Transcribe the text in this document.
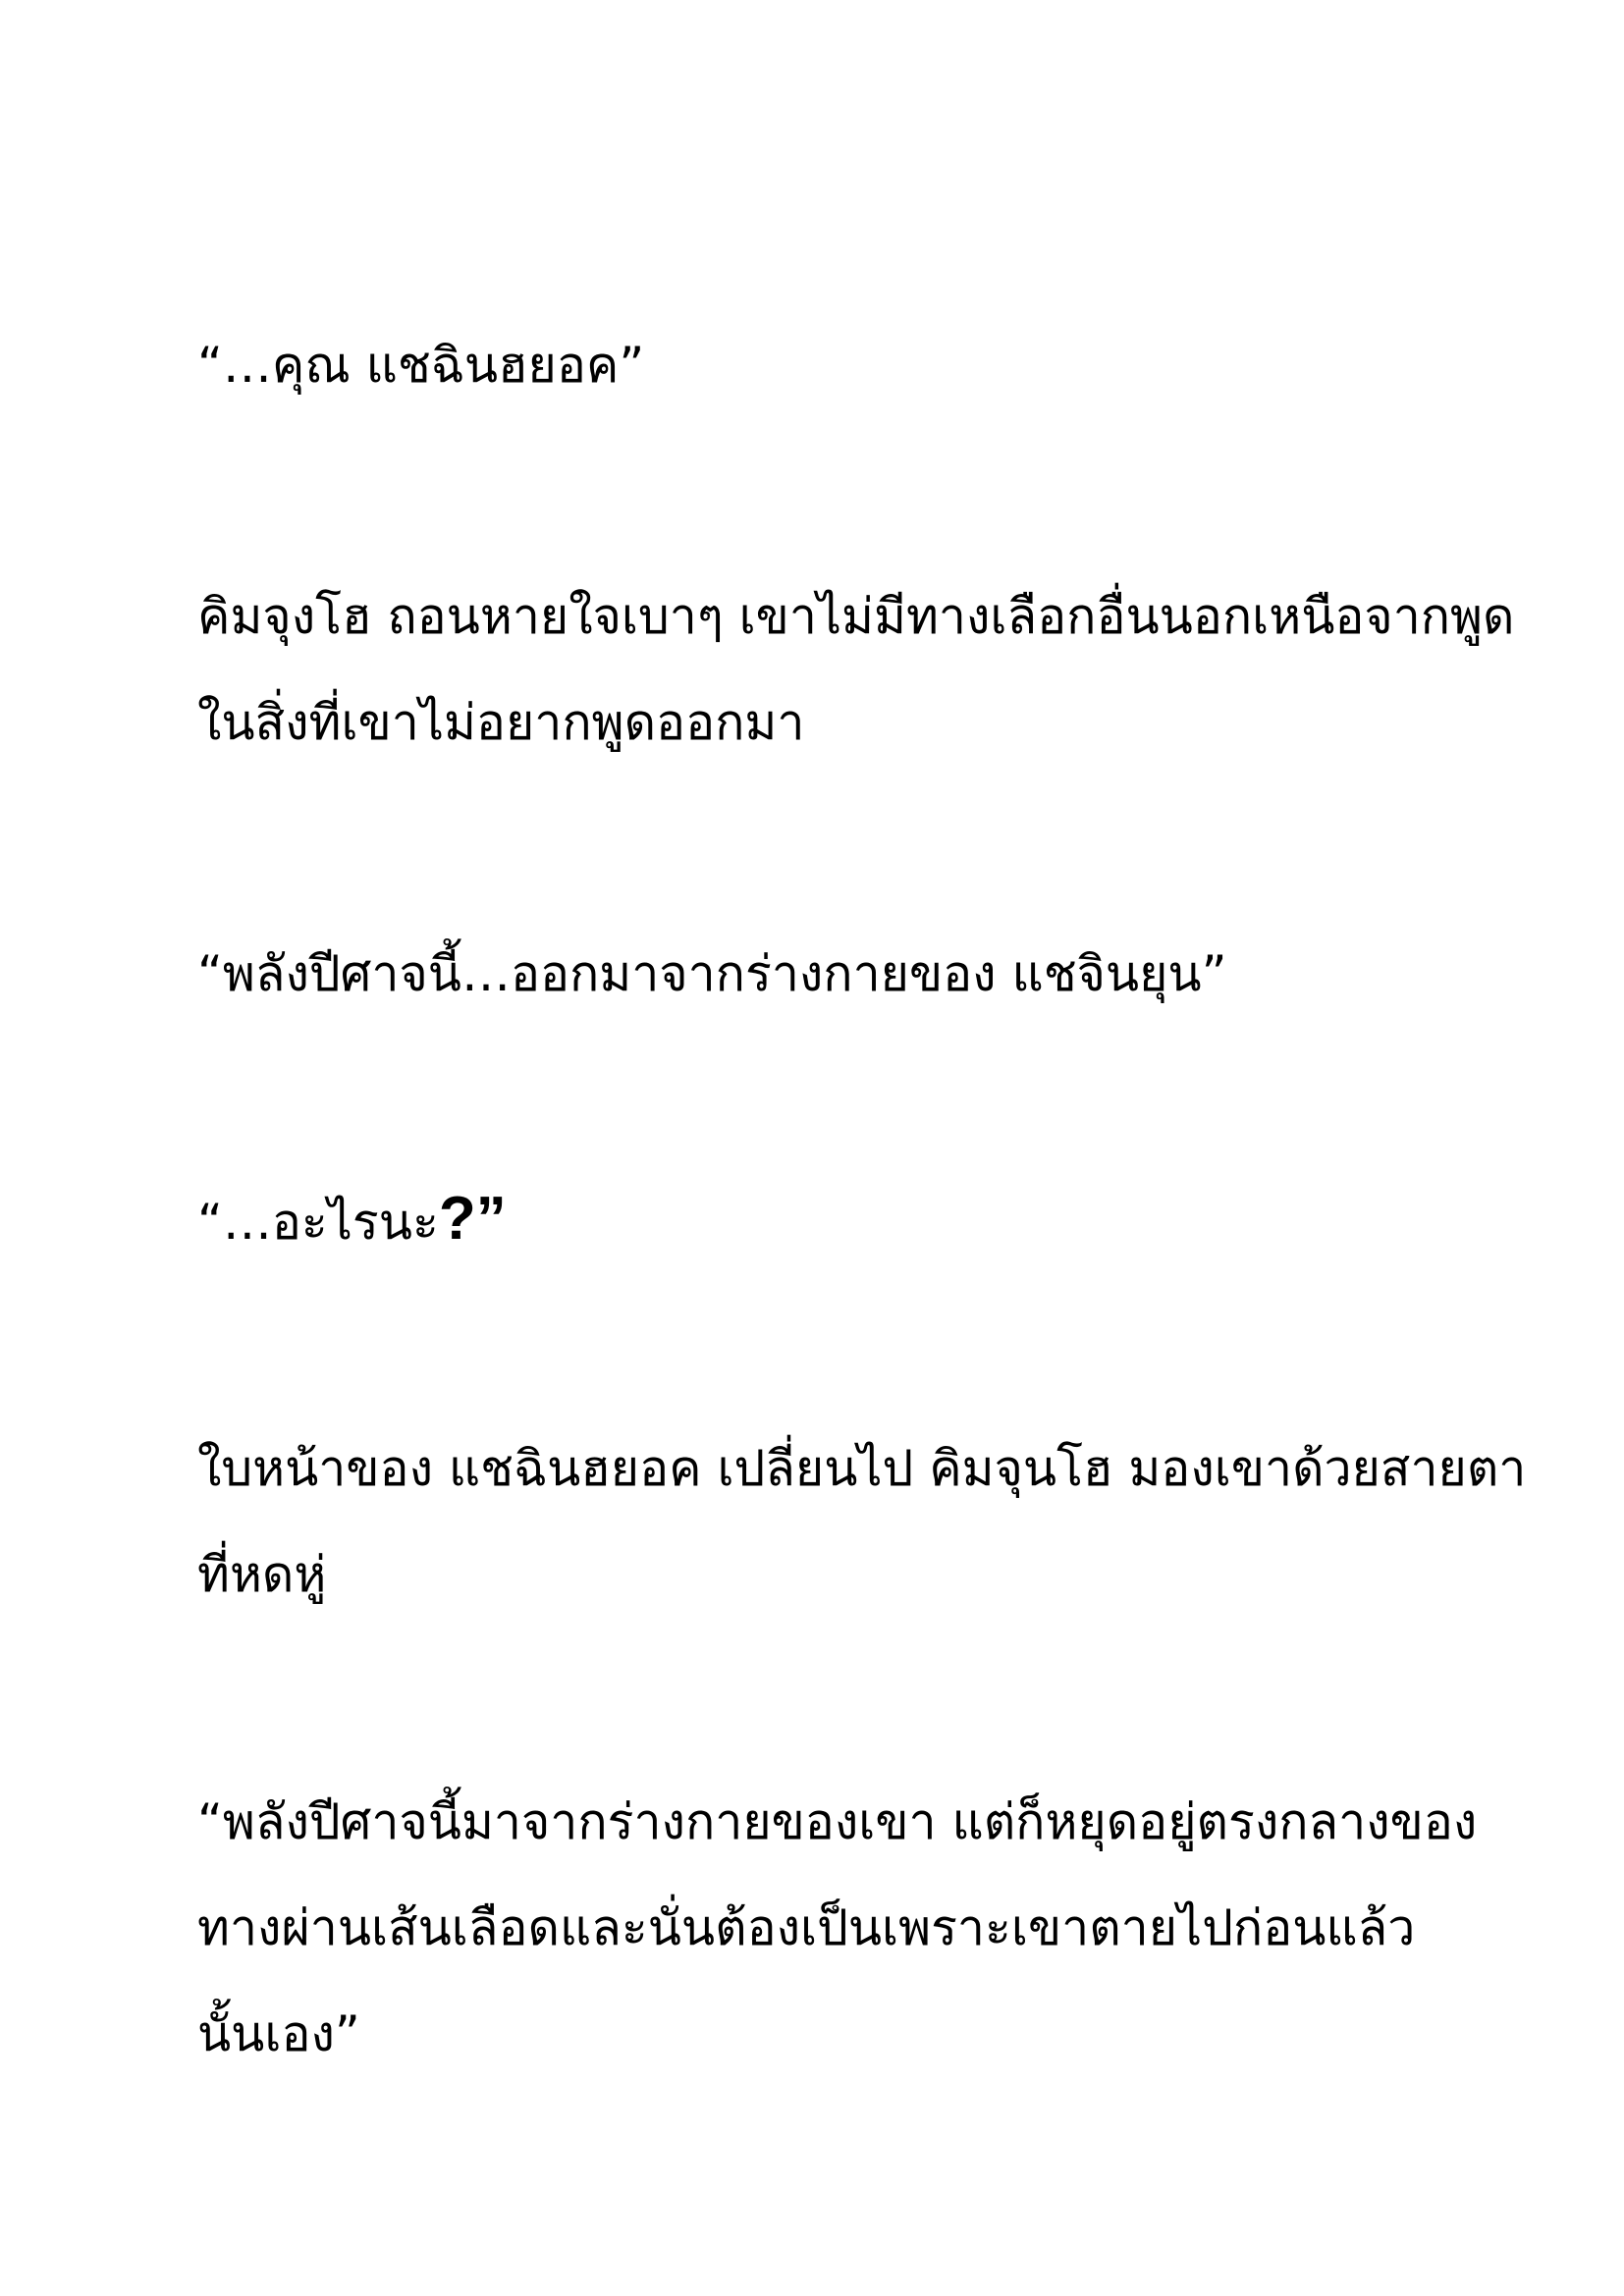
“…คุณ แชฉินฮยอค”
คิมจุงโฮ ถอนหายใจเบาๆ เขาไม่มีทางเลือกอื่นนอกเหนือจากพูด
ในสิ่งที่เขาไม่อยากพูดออกมา
“พลังปีศาจนี้…ออกมาจากร่างกายของ แชจินยุน”
“…อะไรนะ?”
ใบหน้าของ แชฉินฮยอค เปลี่ยนไป คิมจุนโฮ มองเขาด้วยสายตา
ที่หดหู่
“พลังปีศาจนี้มาจากร่างกายของเขา แต่ก็หยุดอยู่ตรงกลางของ
ทางผ่านเส้นเลือดและนั่นต้องเป็นเพราะเขาตายไปก่อนแล้ว
นั้นเอง”
